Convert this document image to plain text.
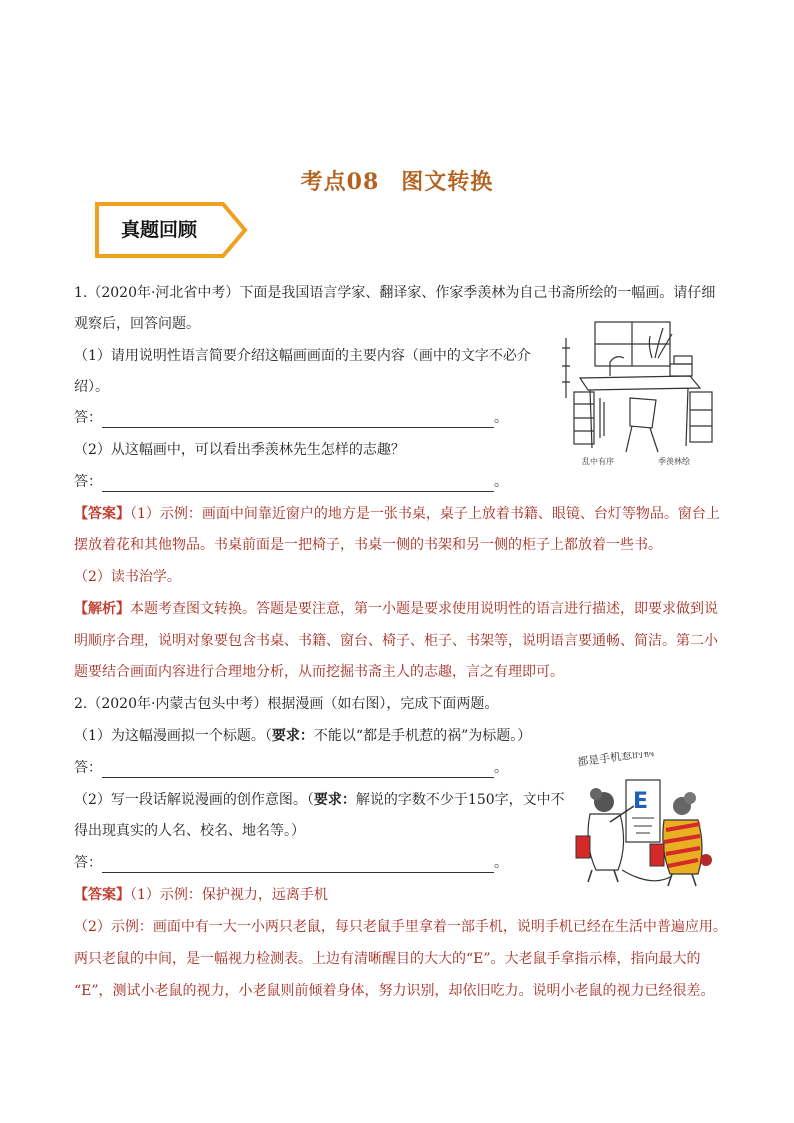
考点08 图文转换
真题回顾
1.（2020年·河北省中考）下面是我国语言学家、翻译家、作家季羡林为自己书斋所绘的一幅画。请仔细
观察后，回答问题。
（1）请用说明性语言简要介绍这幅画画面的主要内容（画中的文字不必介
绍）。
答：	。
（2）从这幅画中，可以看出季羡林先生怎样的志趣？
答：	。
乱中有序	季羡林绘
【答案】（1）示例：画面中间靠近窗户的地方是一张书桌，桌子上放着书籍、眼镜、台灯等物品。窗台上
摆放着花和其他物品。书桌前面是一把椅子，书桌一侧的书架和另一侧的柜子上都放着一些书。
（2）读书治学。
【解析】本题考查图文转换。答题是要注意，第一小题是要求使用说明性的语言进行描述，即要求做到说
明顺序合理，说明对象要包含书桌、书籍、窗台、椅子、柜子、书架等，说明语言要通畅、简洁。第二小
题要结合画面内容进行合理地分析，从而挖掘书斋主人的志趣，言之有理即可。
2.（2020年·内蒙古包头中考）根据漫画（如右图），完成下面两题。
（1）为这幅漫画拟一个标题。（要求：不能以“都是手机惹的祸”为标题。）
答：	。
（2）写一段话解说漫画的创作意图。（要求：解说的字数不少于150字，文中不
得出现真实的人名、校名、地名等。）
答：	。
都是手机惹的祸
E
【答案】（1）示例：保护视力，远离手机
（2）示例：画面中有一大一小两只老鼠，每只老鼠手里拿着一部手机，说明手机已经在生活中普遍应用。
两只老鼠的中间，是一幅视力检测表。上边有清晰醒目的大大的“E”。大老鼠手拿指示棒，指向最大的
“E”，测试小老鼠的视力，小老鼠则前倾着身体，努力识别，却依旧吃力。说明小老鼠的视力已经很差。
